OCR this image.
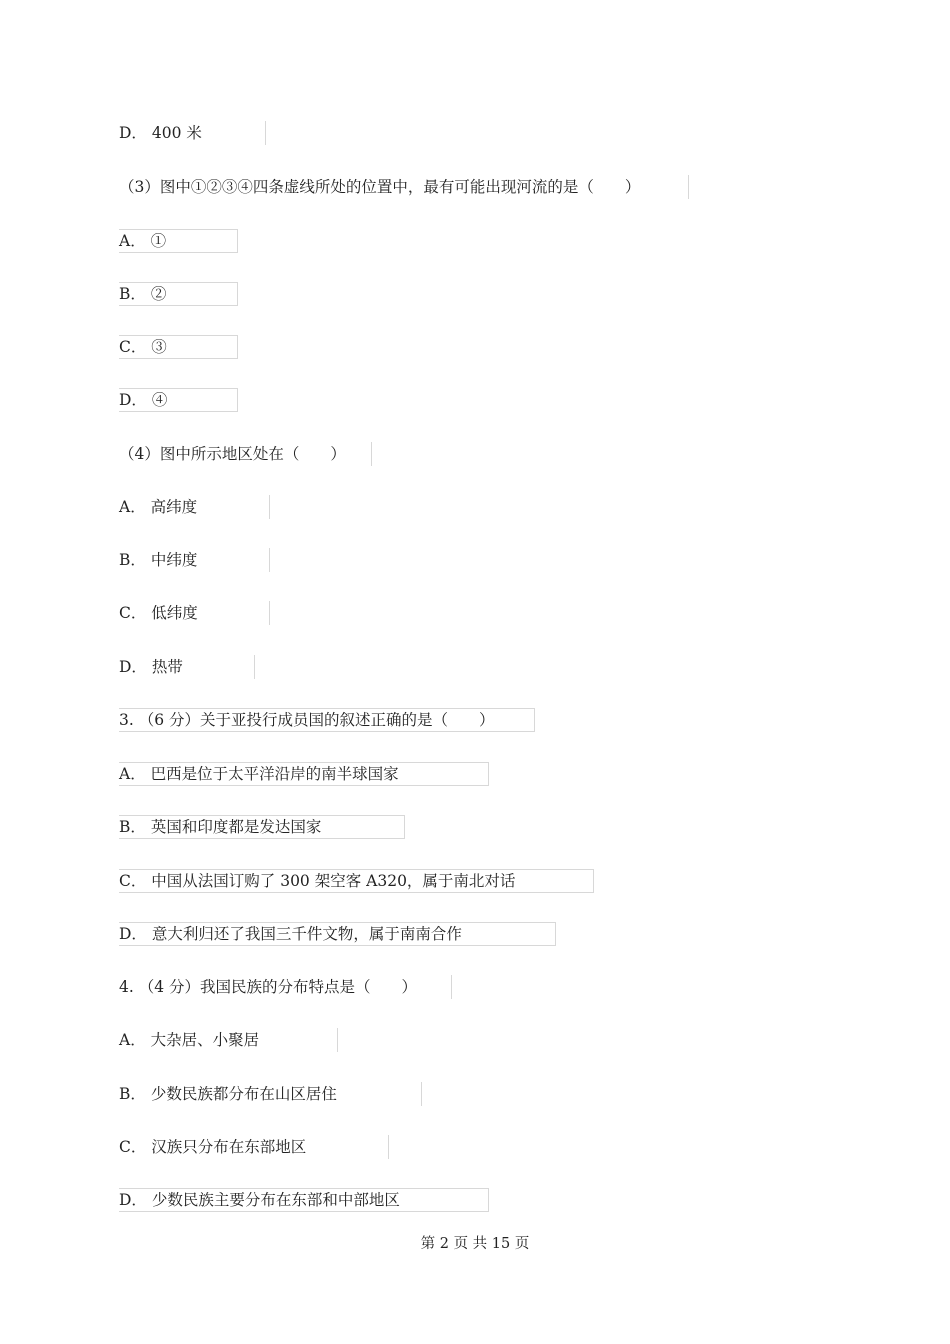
D． 400 米
（3）图中①②③④四条虚线所处的位置中，最有可能出现河流的是（　　）
A． ①
B． ②
C． ③
D． ④
（4）图中所示地区处在（　　）
A． 高纬度
B． 中纬度
C． 低纬度
D． 热带
3. （6 分）关于亚投行成员国的叙述正确的是（　　）
A． 巴西是位于太平洋沿岸的南半球国家
B． 英国和印度都是发达国家
C． 中国从法国订购了 300 架空客 A320，属于南北对话
D． 意大利归还了我国三千件文物，属于南南合作
4. （4 分）我国民族的分布特点是（　　）
A． 大杂居、小聚居
B． 少数民族都分布在山区居住
C． 汉族只分布在东部地区
D． 少数民族主要分布在东部和中部地区
第 2 页 共 15 页
